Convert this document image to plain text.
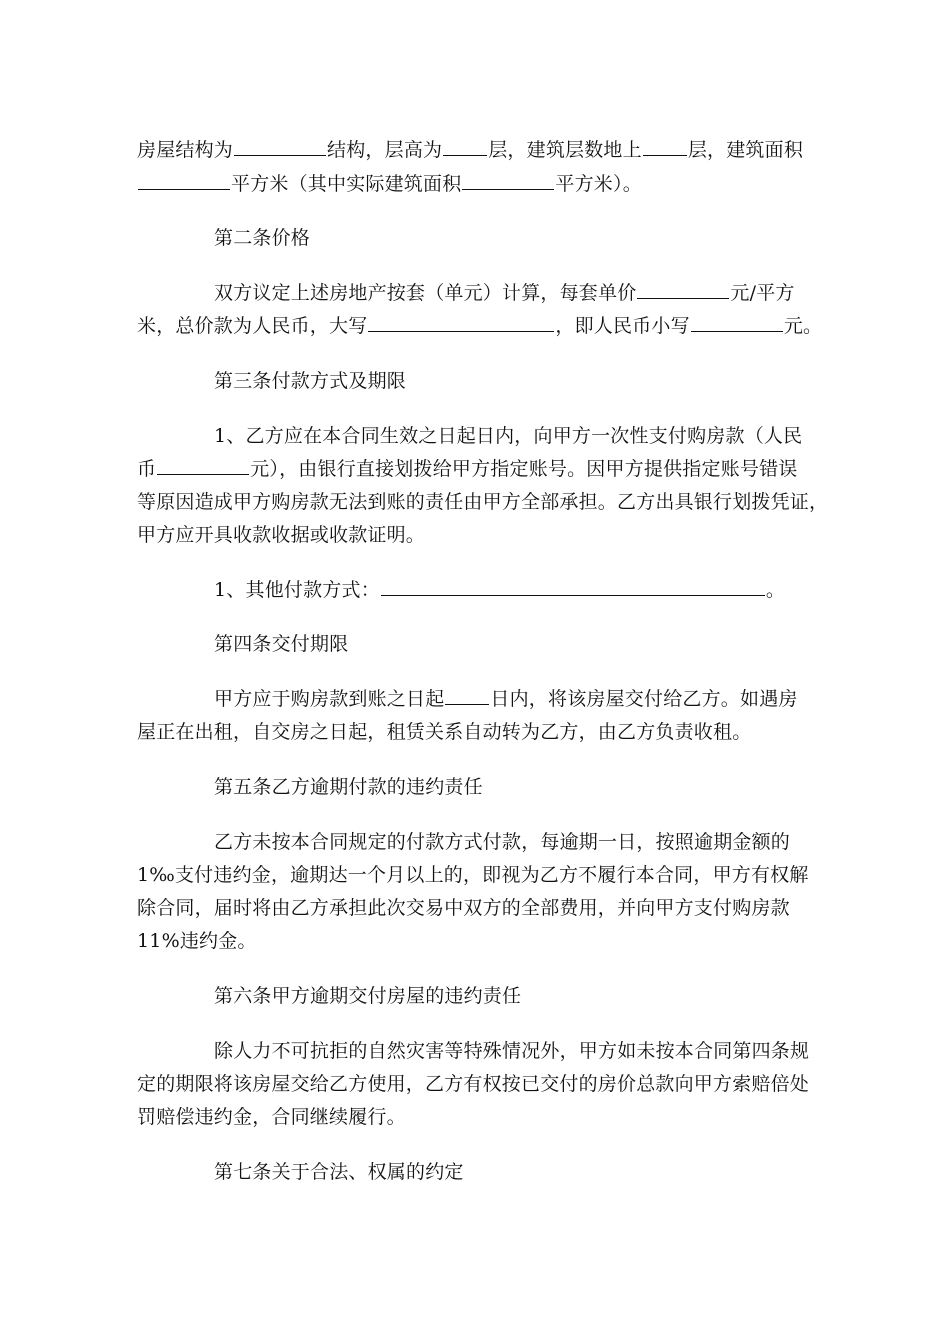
房屋结构为	结构，层高为 层，建筑层数地上 层，建筑面积
平方米（其中实际建筑面积	平方米）。
第二条价格
双方议定上述房地产按套（单元）计算，每套单价	元/平方
米，总价款为人民币，大写	，即人民币小写	元。
第三条付款方式及期限
1、乙方应在本合同生效之日起日内，向甲方一次性支付购房款（人民
币	元），由银行直接划拨给甲方指定账号。因甲方提供指定账号错误
等原因造成甲方购房款无法到账的责任由甲方全部承担。乙方出具银行划拨凭证，
甲方应开具收款收据或收款证明。
1、其他付款方式：	。
第四条交付期限
甲方应于购房款到账之日起 日内，将该房屋交付给乙方。如遇房
屋正在出租，自交房之日起，租赁关系自动转为乙方，由乙方负责收租。
第五条乙方逾期付款的违约责任
乙方未按本合同规定的付款方式付款，每逾期一日，按照逾期金额的
1‰支付违约金，逾期达一个月以上的，即视为乙方不履行本合同，甲方有权解
除合同，届时将由乙方承担此次交易中双方的全部费用，并向甲方支付购房款
11%违约金。
第六条甲方逾期交付房屋的违约责任
除人力不可抗拒的自然灾害等特殊情况外，甲方如未按本合同第四条规
定的期限将该房屋交给乙方使用，乙方有权按已交付的房价总款向甲方索赔倍处
罚赔偿违约金，合同继续履行。
第七条关于合法、权属的约定
